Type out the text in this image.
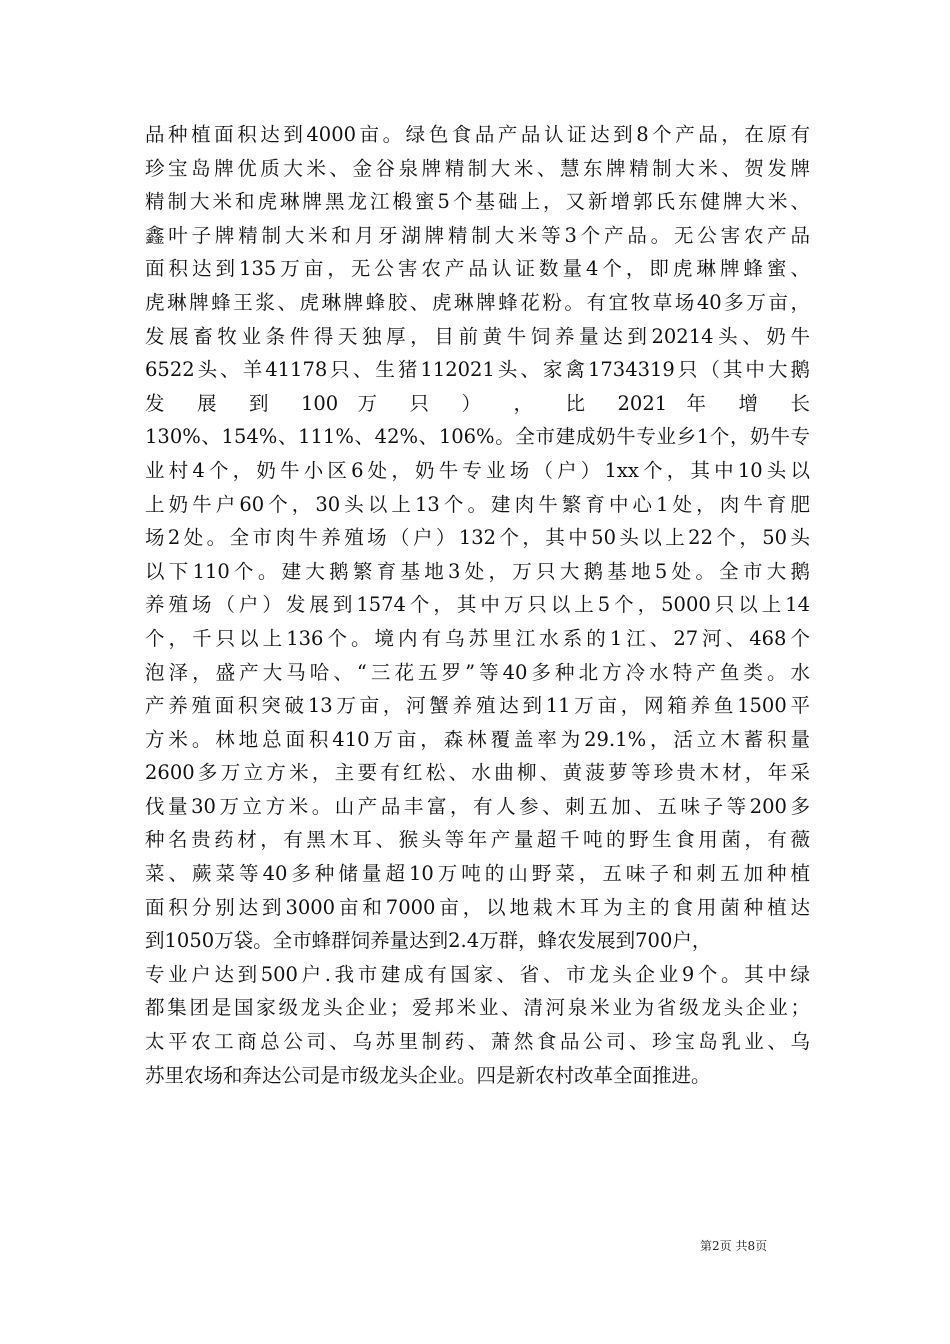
品种植面积达到4000亩。绿色食品产品认证达到8个产品，在原有
珍宝岛牌优质大米、金谷泉牌精制大米、慧东牌精制大米、贺发牌
精制大米和虎琳牌黑龙江椴蜜5个基础上，又新增郭氏东健牌大米、
鑫叶子牌精制大米和月牙湖牌精制大米等3个产品。无公害农产品
面积达到135万亩，无公害农产品认证数量4个，即虎琳牌蜂蜜、
虎琳牌蜂王浆、虎琳牌蜂胶、虎琳牌蜂花粉。有宜牧草场40多万亩，
发展畜牧业条件得天独厚，目前黄牛饲养量达到20214头、奶牛
6522头、羊41178只、生猪112021头、家禽1734319只（其中大鹅
发 展 到 100 万 只 ） ， 比 2021 年 增 长
130%、154%、111%、42%、106%。全市建成奶牛专业乡1个，奶牛专
业村4个，奶牛小区6处，奶牛专业场（户）1xx个，其中10头以
上奶牛户60个，30头以上13个。建肉牛繁育中心1处，肉牛育肥
场2处。全市肉牛养殖场（户）132个，其中50头以上22个，50头
以下110个。建大鹅繁育基地3处，万只大鹅基地5处。全市大鹅
养殖场（户）发展到1574个，其中万只以上5个，5000只以上14
个，千只以上136个。境内有乌苏里江水系的1江、27河、468个
泡泽，盛产大马哈、“三花五罗”等40多种北方冷水特产鱼类。水
产养殖面积突破13万亩，河蟹养殖达到11万亩，网箱养鱼1500平
方米。林地总面积410万亩，森林覆盖率为29.1%，活立木蓄积量
2600多万立方米，主要有红松、水曲柳、黄菠萝等珍贵木材，年采
伐量30万立方米。山产品丰富，有人参、刺五加、五味子等200多
种名贵药材，有黑木耳、猴头等年产量超千吨的野生食用菌，有薇
菜、蕨菜等40多种储量超10万吨的山野菜，五味子和刺五加种植
面积分别达到3000亩和7000亩，以地栽木耳为主的食用菌种植达
到1050万袋。全市蜂群饲养量达到2.4万群，蜂农发展到700户，
专业户达到500户.我市建成有国家、省、市龙头企业9个。其中绿
都集团是国家级龙头企业；爱邦米业、清河泉米业为省级龙头企业；
太平农工商总公司、乌苏里制药、萧然食品公司、珍宝岛乳业、乌
苏里农场和奔达公司是市级龙头企业。四是新农村改革全面推进。
第2页 共8页
